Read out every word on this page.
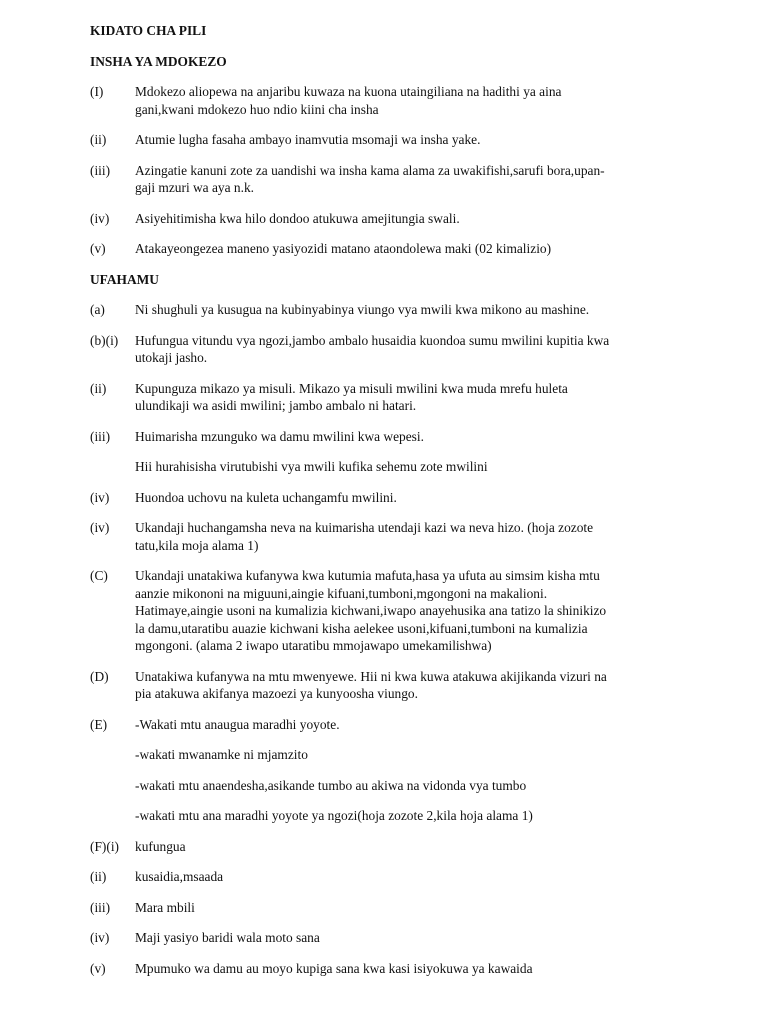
KIDATO CHA PILI
INSHA YA MDOKEZO
(I)	Mdokezo aliopewa na anjaribu kuwaza na kuona utaingiliana na hadithi ya aina
gani,kwani mdokezo huo ndio kiini cha insha
(ii)	Atumie lugha fasaha ambayo inamvutia msomaji wa insha yake.
(iii)	Azingatie kanuni zote za uandishi wa insha kama alama za uwakifishi,sarufi bora,upan-
gaji mzuri wa aya n.k.
(iv)	Asiyehitimisha kwa hilo dondoo atukuwa amejitungia swali.
(v)	Atakayeongezea maneno yasiyozidi matano ataondolewa maki (02 kimalizio)
UFAHAMU
(a)	Ni shughuli ya kusugua na kubinyabinya viungo vya mwili kwa mikono au mashine.
(b)(i)	Hufungua vitundu vya ngozi,jambo ambalo husaidia kuondoa sumu mwilini kupitia kwa
utokaji jasho.
(ii)	Kupunguza mikazo ya misuli. Mikazo ya misuli mwilini kwa muda mrefu huleta
ulundikaji wa asidi mwilini; jambo ambalo ni hatari.
(iii)	Huimarisha mzunguko wa damu mwilini kwa wepesi.
Hii hurahisisha virutubishi vya mwili kufika sehemu zote mwilini
(iv)	Huondoa uchovu na kuleta uchangamfu mwilini.
(iv)	Ukandaji huchangamsha neva na kuimarisha utendaji kazi wa neva hizo. (hoja zozote
tatu,kila moja alama 1)
(C)	Ukandaji unatakiwa kufanywa kwa kutumia mafuta,hasa ya ufuta au simsim kisha mtu
aanzie mikononi na miguuni,aingie kifuani,tumboni,mgongoni na makalioni.
Hatimaye,aingie usoni na kumalizia kichwani,iwapo anayehusika ana tatizo la shinikizo
la damu,utaratibu auazie kichwani kisha aelekee usoni,kifuani,tumboni na kumalizia
mgongoni. (alama 2 iwapo utaratibu mmojawapo umekamilishwa)
(D)	Unatakiwa kufanywa na mtu mwenyewe. Hii ni kwa kuwa atakuwa akijikanda vizuri na
pia atakuwa akifanya mazoezi ya kunyoosha viungo.
(E)	-Wakati mtu anaugua maradhi yoyote.
-wakati mwanamke ni mjamzito
-wakati mtu anaendesha,asikande tumbo au akiwa na vidonda vya tumbo
-wakati mtu ana maradhi yoyote ya ngozi(hoja zozote 2,kila hoja alama 1)
(F)(i)	kufungua
(ii)	kusaidia,msaada
(iii)	Mara mbili
(iv)	Maji yasiyo baridi wala moto sana
(v)	Mpumuko wa damu au moyo kupiga sana kwa kasi isiyokuwa ya kawaida
